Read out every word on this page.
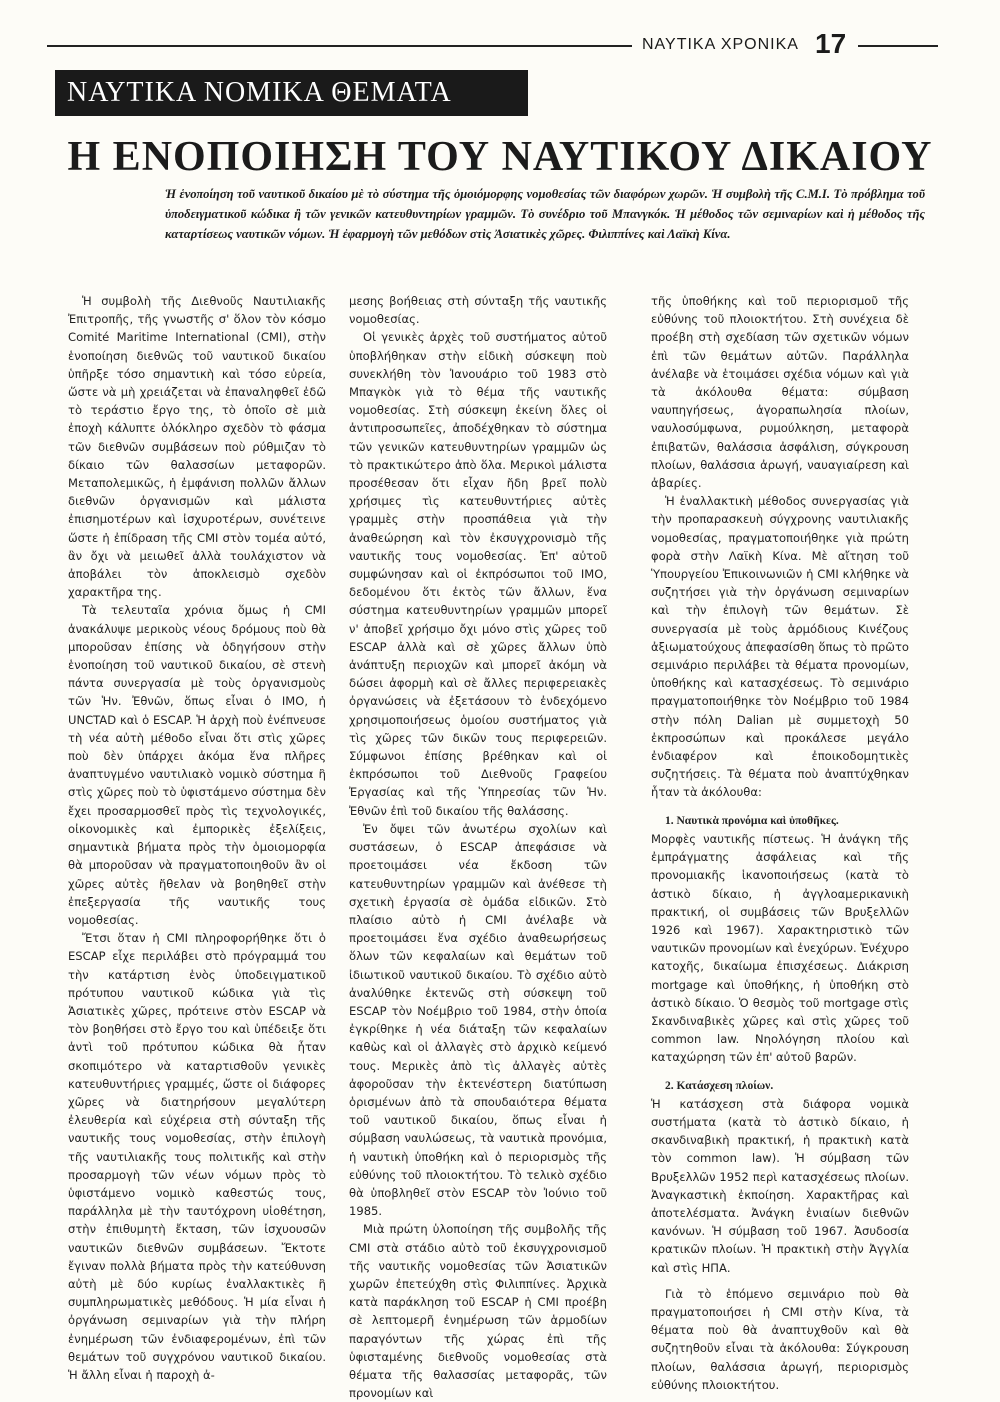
ΝΑΥΤΙΚΑ ΧΡΟΝΙΚΑ 17
ΝΑΥΤΙΚΑ ΝΟΜΙΚΑ ΘΕΜΑΤΑ
Η ΕΝΟΠΟΙΗΣΗ ΤΟΥ ΝΑΥΤΙΚΟΥ ΔΙΚΑΙΟΥ
Ἡ ἑνοποίηση τοῦ ναυτικοῦ δικαίου μὲ τὸ σύστημα τῆς ὁμοιόμορφης νομοθεσίας τῶν διαφόρων χωρῶν. Ἡ συμβολὴ τῆς C.M.I. Τὸ πρόβλημα τοῦ ὑποδειγματικοῦ κώδικα ἢ τῶν γενικῶν κατευθυντηρίων γραμμῶν. Τὸ συνέδριο τοῦ Μπανγκόκ. Ἡ μέθοδος τῶν σεμιναρίων καὶ ἡ μέθοδος τῆς καταρτίσεως ναυτικῶν νόμων. Ἡ ἐφαρμογὴ τῶν μεθόδων στὶς Ἀσιατικὲς χῶρες. Φιλιππίνες καὶ Λαϊκὴ Κίνα.

Ἡ συμβολὴ τῆς Διεθνοῦς Ναυτιλιακῆς Ἐπιτροπῆς, τῆς γνωστῆς σ' ὅλον τὸν κόσμο Comité Maritime International (CMI), στὴν ἑνοποίηση διεθνῶς τοῦ ναυτικοῦ δικαίου ὑπῆρξε τόσο σημαντικὴ καὶ τόσο εὐρεία, ὥστε νὰ μὴ χρειάζεται νὰ ἐπαναληφθεῖ ἐδῶ τὸ τεράστιο ἔργο της, τὸ ὁποῖο σὲ μιὰ ἐποχὴ κάλυπτε ὁλόκληρο σχεδὸν τὸ φάσμα τῶν διεθνῶν συμβάσεων ποὺ ρύθμιζαν τὸ δίκαιο τῶν θαλασσίων μεταφορῶν. Μεταπολεμικῶς, ἡ ἐμφάνιση πολλῶν ἄλλων διεθνῶν ὀργανισμῶν καὶ μάλιστα ἐπισημοτέρων καὶ ἰσχυροτέρων, συνέτεινε ὥστε ἡ ἐπίδραση τῆς CMI στὸν τομέα αὐτό, ἂν ὄχι νὰ μειωθεῖ ἀλλὰ τουλάχιστον νὰ ἀποβάλει τὸν ἀποκλεισμὸ σχεδὸν χαρακτῆρα της.

Τὰ τελευταῖα χρόνια ὅμως ἡ CMI ἀνακάλυψε μερικοὺς νέους δρόμους ποὺ θὰ μποροῦσαν ἐπίσης νὰ ὁδηγήσουν στὴν ἑνοποίηση τοῦ ναυτικοῦ δικαίου, σὲ στενὴ πάντα συνεργασία μὲ τοὺς ὀργανισμοὺς τῶν Ἡν. Ἐθνῶν, ὅπως εἶναι ὁ IMO, ἡ UNCTAD καὶ ὁ ESCAP. Ἡ ἀρχὴ ποὺ ἐνέπνευσε τὴ νέα αὐτὴ μέθοδο εἶναι ὅτι στὶς χῶρες ποὺ δὲν ὑπάρχει ἀκόμα ἕνα πλῆρες ἀναπτυγμένο ναυτιλιακὸ νομικὸ σύστημα ἢ στὶς χῶρες ποὺ τὸ ὑφιστάμενο σύστημα δὲν ἔχει προσαρμοσθεῖ πρὸς τὶς τεχνολογικές, οἰκονομικὲς καὶ ἐμπορικὲς ἐξελίξεις, σημαντικὰ βήματα πρὸς τὴν ὁμοιομορφία θὰ μποροῦσαν νὰ πραγματοποιηθοῦν ἂν οἱ χῶρες αὐτὲς ἤθελαν νὰ βοηθηθεῖ στὴν ἐπεξεργασία τῆς ναυτικῆς τους νομοθεσίας.

Ἔτσι ὅταν ἡ CMI πληροφορήθηκε ὅτι ὁ ESCAP εἶχε περιλάβει στὸ πρόγραμμά του τὴν κατάρτιση ἑνὸς ὑποδειγματικοῦ πρότυπου ναυτικοῦ κώδικα γιὰ τὶς Ἀσιατικὲς χῶρες, πρότεινε στὸν ESCAP νὰ τὸν βοηθήσει στὸ ἔργο του καὶ ὑπέδειξε ὅτι ἀντὶ τοῦ πρότυπου κώδικα θὰ ἦταν σκοπιμότερο νὰ καταρτισθοῦν γενικὲς κατευθυντήριες γραμμές, ὥστε οἱ διάφορες χῶρες νὰ διατηρήσουν μεγαλύτερη ἐλευθερία καὶ εὐχέρεια στὴ σύνταξη τῆς ναυτικῆς τους νομοθεσίας, στὴν ἐπιλογὴ τῆς ναυτιλιακῆς τους πολιτικῆς καὶ στὴν προσαρμογὴ τῶν νέων νόμων πρὸς τὸ ὑφιστάμενο νομικὸ καθεστώς τους, παράλληλα μὲ τὴν ταυτόχρονη υἱοθέτηση, στὴν ἐπιθυμητὴ ἔκταση, τῶν ἰσχυουσῶν ναυτικῶν διεθνῶν συμβάσεων. Ἔκτοτε ἔγιναν πολλὰ βήματα πρὸς τὴν κατεύθυνση αὐτὴ μὲ δύο κυρίως ἐναλλακτικὲς ἢ συμπληρωματικὲς μεθόδους. Ἡ μία εἶναι ἡ ὀργάνωση σεμιναρίων γιὰ τὴν πλήρη ἐνημέρωση τῶν ἐνδιαφερομένων, ἐπὶ τῶν θεμάτων τοῦ συγχρόνου ναυτικοῦ δικαίου. Ἡ ἄλλη εἶναι ἡ παροχὴ ἀ-

μεσης βοήθειας στὴ σύνταξη τῆς ναυτικῆς νομοθεσίας.

Οἱ γενικὲς ἀρχὲς τοῦ συστήματος αὐτοῦ ὑποβλήθηκαν στὴν εἰδικὴ σύσκεψη ποὺ συνεκλήθη τὸν Ἰανουάριο τοῦ 1983 στὸ Μπαγκὸκ γιὰ τὸ θέμα τῆς ναυτικῆς νομοθεσίας. Στὴ σύσκεψη ἐκείνη ὅλες οἱ ἀντιπροσωπεῖες, ἀποδέχθηκαν τὸ σύστημα τῶν γενικῶν κατευθυντηρίων γραμμῶν ὡς τὸ πρακτικώτερο ἀπὸ ὅλα. Μερικοὶ μάλιστα προσέθεσαν ὅτι εἶχαν ἤδη βρεῖ πολὺ χρήσιμες τὶς κατευθυντήριες αὐτὲς γραμμὲς στὴν προσπάθεια γιὰ τὴν ἀναθεώρηση καὶ τὸν ἐκσυγχρονισμὸ τῆς ναυτικῆς τους νομοθεσίας. Ἐπ' αὐτοῦ συμφώνησαν καὶ οἱ ἐκπρόσωποι τοῦ IMO, δεδομένου ὅτι ἐκτὸς τῶν ἄλλων, ἕνα σύστημα κατευθυντηρίων γραμμῶν μπορεῖ ν' ἀποβεῖ χρήσιμο ὄχι μόνο στὶς χῶρες τοῦ ESCAP ἀλλὰ καὶ σὲ χῶρες ἄλλων ὑπὸ ἀνάπτυξη περιοχῶν καὶ μπορεῖ ἀκόμη νὰ δώσει ἀφορμὴ καὶ σὲ ἄλλες περιφερειακὲς ὀργανώσεις νὰ ἐξετάσουν τὸ ἐνδεχόμενο χρησιμοποιήσεως ὁμοίου συστήματος γιὰ τὶς χῶρες τῶν δικῶν τους περιφερειῶν. Σύμφωνοι ἐπίσης βρέθηκαν καὶ οἱ ἐκπρόσωποι τοῦ Διεθνοῦς Γραφείου Ἐργασίας καὶ τῆς Ὑπηρεσίας τῶν Ἡν. Ἐθνῶν ἐπὶ τοῦ δικαίου τῆς θαλάσσης.

Ἐν ὄψει τῶν ἀνωτέρω σχολίων καὶ συστάσεων, ὁ ESCAP ἀπεφάσισε νὰ προετοιμάσει νέα ἔκδοση τῶν κατευθυντηρίων γραμμῶν καὶ ἀνέθεσε τὴ σχετικὴ ἐργασία σὲ ὁμάδα εἰδικῶν. Στὸ πλαίσιο αὐτὸ ἡ CMI ἀνέλαβε νὰ προετοιμάσει ἕνα σχέδιο ἀναθεωρήσεως ὅλων τῶν κεφαλαίων καὶ θεμάτων τοῦ ἰδιωτικοῦ ναυτικοῦ δικαίου. Τὸ σχέδιο αὐτὸ ἀναλύθηκε ἐκτενῶς στὴ σύσκεψη τοῦ ESCAP τὸν Νοέμβριο τοῦ 1984, στὴν ὁποία ἐγκρίθηκε ἡ νέα διάταξη τῶν κεφαλαίων καθὼς καὶ οἱ ἀλλαγὲς στὸ ἀρχικὸ κείμενό τους. Μερικὲς ἀπὸ τὶς ἀλλαγὲς αὐτὲς ἀφοροῦσαν τὴν ἐκτενέστερη διατύπωση ὁρισμένων ἀπὸ τὰ σπουδαιότερα θέματα τοῦ ναυτικοῦ δικαίου, ὅπως εἶναι ἡ σύμβαση ναυλώσεως, τὰ ναυτικὰ προνόμια, ἡ ναυτικὴ ὑποθήκη καὶ ὁ περιορισμὸς τῆς εὐθύνης τοῦ πλοιοκτήτου. Τὸ τελικὸ σχέδιο θὰ ὑποβληθεῖ στὸν ESCAP τὸν Ἰούνιο τοῦ 1985.

Μιὰ πρώτη ὑλοποίηση τῆς συμβολῆς τῆς CMI στὰ στάδιο αὐτὸ τοῦ ἐκσυγχρονισμοῦ τῆς ναυτικῆς νομοθεσίας τῶν Ἀσιατικῶν χωρῶν ἐπετεύχθη στὶς Φιλιππίνες. Ἀρχικὰ κατὰ παράκληση τοῦ ESCAP ἡ CMI προέβη σὲ λεπτομερῆ ἐνημέρωση τῶν ἁρμοδίων παραγόντων τῆς χώρας ἐπὶ τῆς ὑφισταμένης διεθνοῦς νομοθεσίας στὰ θέματα τῆς θαλασσίας μεταφορᾶς, τῶν προνομίων καὶ

τῆς ὑποθήκης καὶ τοῦ περιορισμοῦ τῆς εὐθύνης τοῦ πλοιοκτήτου. Στὴ συνέχεια δὲ προέβη στὴ σχεδίαση τῶν σχετικῶν νόμων ἐπὶ τῶν θεμάτων αὐτῶν. Παράλληλα ἀνέλαβε νὰ ἑτοιμάσει σχέδια νόμων καὶ γιὰ τὰ ἀκόλουθα θέματα: σύμβαση ναυπηγήσεως, ἀγοραπωλησία πλοίων, ναυλοσύμφωνα, ρυμούλκηση, μεταφορὰ ἐπιβατῶν, θαλάσσια ἀσφάλιση, σύγκρουση πλοίων, θαλάσσια ἀρωγή, ναυαγιαίρεση καὶ ἀβαρίες.

Ἡ ἐναλλακτικὴ μέθοδος συνεργασίας γιὰ τὴν προπαρασκευὴ σύγχρονης ναυτιλιακῆς νομοθεσίας, πραγματοποιήθηκε γιὰ πρώτη φορὰ στὴν Λαϊκὴ Κίνα. Μὲ αἴτηση τοῦ Ὑπουργείου Ἐπικοινωνιῶν ἡ CMI κλήθηκε νὰ συζητήσει γιὰ τὴν ὀργάνωση σεμιναρίων καὶ τὴν ἐπιλογὴ τῶν θεμάτων. Σὲ συνεργασία μὲ τοὺς ἁρμόδιους Κινέζους ἀξιωματούχους ἀπεφασίσθη ὅπως τὸ πρῶτο σεμινάριο περιλάβει τὰ θέματα προνομίων, ὑποθήκης καὶ κατασχέσεως. Τὸ σεμινάριο πραγματοποιήθηκε τὸν Νοέμβριο τοῦ 1984 στὴν πόλη Dalian μὲ συμμετοχὴ 50 ἐκπροσώπων καὶ προκάλεσε μεγάλο ἐνδιαφέρον καὶ ἐποικοδομητικὲς συζητήσεις. Τὰ θέματα ποὺ ἀναπτύχθηκαν ἦταν τὰ ἀκόλουθα:

1. Ναυτικὰ προνόμια καὶ ὑποθῆκες.

Μορφὲς ναυτικῆς πίστεως. Ἡ ἀνάγκη τῆς ἐμπράγματης ἀσφάλειας καὶ τῆς προνομιακῆς ἱκανοποιήσεως (κατὰ τὸ ἀστικὸ δίκαιο, ἡ ἀγγλοαμερικανικὴ πρακτική, οἱ συμβάσεις τῶν Βρυξελλῶν 1926 καὶ 1967). Χαρακτηριστικὸ τῶν ναυτικῶν προνομίων καὶ ἐνεχύρων. Ἐνέχυρο κατοχῆς, δικαίωμα ἐπισχέσεως. Διάκριση mortgage καὶ ὑποθήκης, ἡ ὑποθήκη στὸ ἀστικὸ δίκαιο. Ὁ θεσμὸς τοῦ mortgage στὶς Σκανδιναβικὲς χῶρες καὶ στὶς χῶρες τοῦ common law. Νηολόγηση πλοίου καὶ καταχώρηση τῶν ἐπ' αὐτοῦ βαρῶν.

2. Κατάσχεση πλοίων.

Ἡ κατάσχεση στὰ διάφορα νομικὰ συστήματα (κατὰ τὸ ἀστικὸ δίκαιο, ἡ σκανδιναβικὴ πρακτική, ἡ πρακτικὴ κατὰ τὸν common law). Ἡ σύμβαση τῶν Βρυξελλῶν 1952 περὶ κατασχέσεως πλοίων. Ἀναγκαστικὴ ἐκποίηση. Χαρακτῆρας καὶ ἀποτελέσματα. Ἀνάγκη ἑνιαίων διεθνῶν κανόνων. Ἡ σύμβαση τοῦ 1967. Ἀσυδοσία κρατικῶν πλοίων. Ἡ πρακτικὴ στὴν Ἀγγλία καὶ στὶς ΗΠΑ.

Γιὰ τὸ ἑπόμενο σεμινάριο ποὺ θὰ πραγματοποιήσει ἡ CMI στὴν Κίνα, τὰ θέματα ποὺ θὰ ἀναπτυχθοῦν καὶ θὰ συζητηθοῦν εἶναι τὰ ἀκόλουθα: Σύγκρουση πλοίων, θαλάσσια ἀρωγή, περιορισμὸς εὐθύνης πλοιοκτήτου.
